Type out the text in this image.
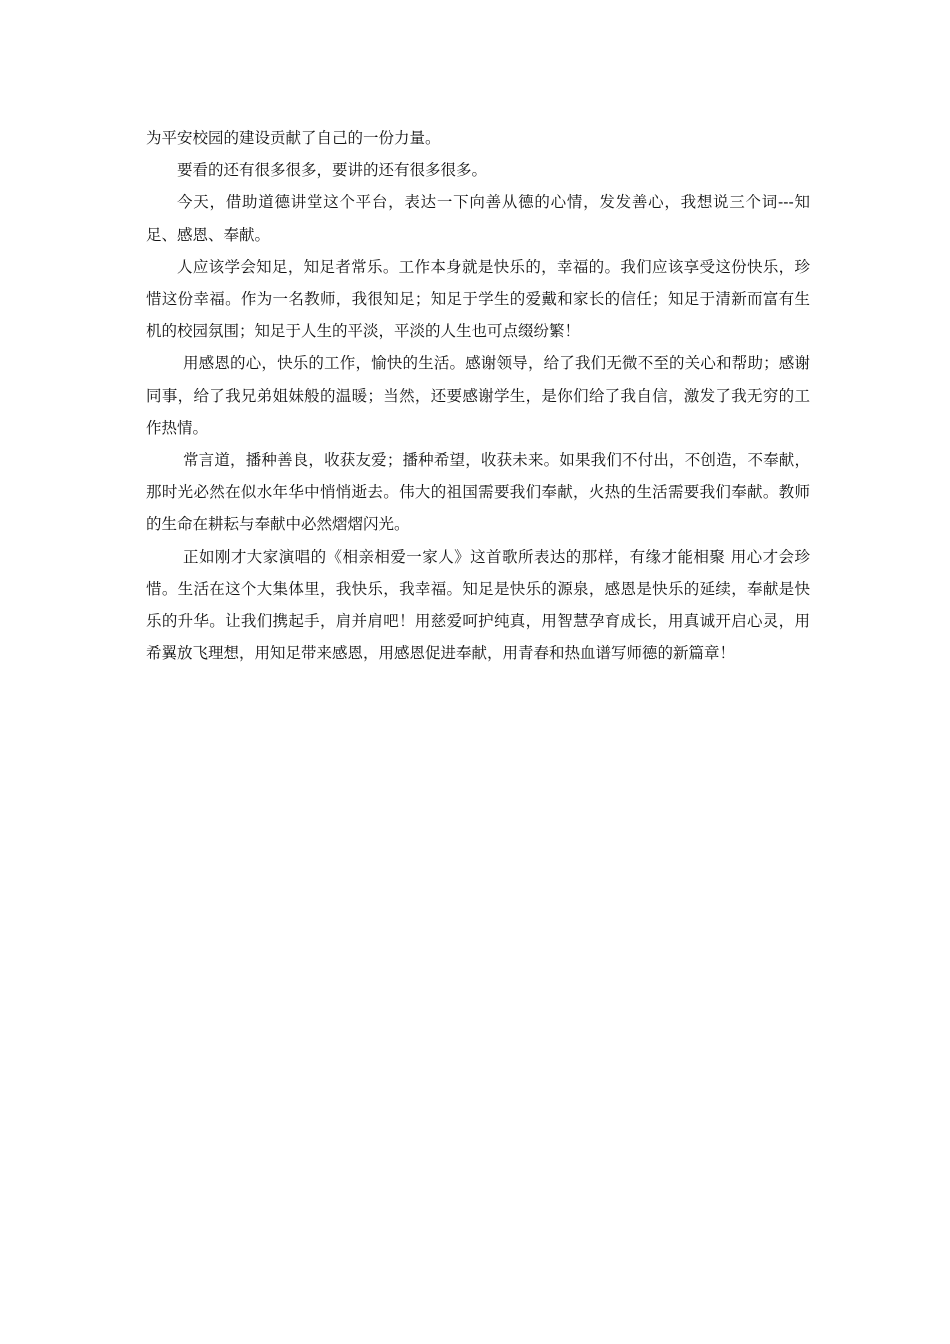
为平安校园的建设贡献了自己的一份力量。

要看的还有很多很多，要讲的还有很多很多。

今天，借助道德讲堂这个平台，表达一下向善从德的心情，发发善心，我想说三个词---知足、感恩、奉献。

人应该学会知足，知足者常乐。工作本身就是快乐的，幸福的。我们应该享受这份快乐，珍惜这份幸福。作为一名教师，我很知足；知足于学生的爱戴和家长的信任；知足于清新而富有生机的校园氛围；知足于人生的平淡，平淡的人生也可点缀纷繁！

用感恩的心，快乐的工作，愉快的生活。感谢领导，给了我们无微不至的关心和帮助；感谢同事，给了我兄弟姐妹般的温暖；当然，还要感谢学生，是你们给了我自信，激发了我无穷的工作热情。

常言道，播种善良，收获友爱；播种希望，收获未来。如果我们不付出，不创造，不奉献，那时光必然在似水年华中悄悄逝去。伟大的祖国需要我们奉献，火热的生活需要我们奉献。教师的生命在耕耘与奉献中必然熠熠闪光。

正如刚才大家演唱的《相亲相爱一家人》这首歌所表达的那样，有缘才能相聚 用心才会珍惜。生活在这个大集体里，我快乐，我幸福。知足是快乐的源泉，感恩是快乐的延续，奉献是快乐的升华。让我们携起手，肩并肩吧！用慈爱呵护纯真，用智慧孕育成长，用真诚开启心灵，用希翼放飞理想，用知足带来感恩，用感恩促进奉献，用青春和热血谱写师德的新篇章！
